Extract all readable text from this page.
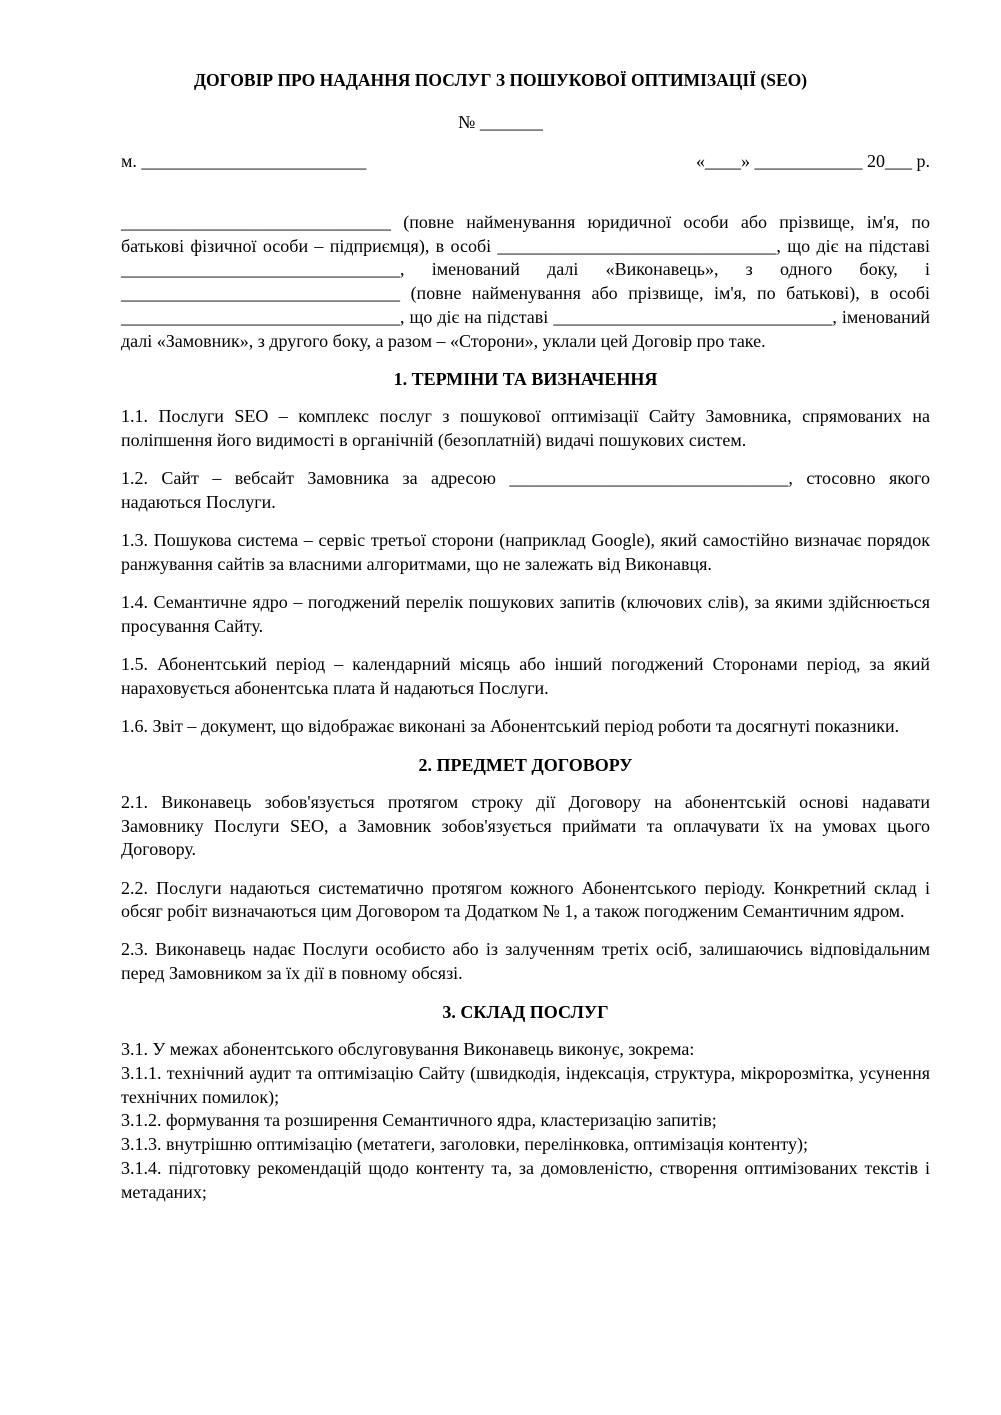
ДОГОВІР ПРО НАДАННЯ ПОСЛУГ З ПОШУКОВОЇ ОПТИМІЗАЦІЇ (SEO)
№ _______
м. _________________________	«____» ____________ 20___ р.

______________________________ (повне найменування юридичної особи або прізвище, ім'я, по батькові фізичної особи – підприємця), в особі _______________________________, що діє на підставі _______________________________, іменований далі «Виконавець», з одного боку, і _______________________________ (повне найменування або прізвище, ім'я, по батькові), в особі _______________________________, що діє на підставі _______________________________, іменований далі «Замовник», з другого боку, а разом – «Сторони», уклали цей Договір про таке.

1. ТЕРМІНИ ТА ВИЗНАЧЕННЯ

1.1. Послуги SEO – комплекс послуг з пошукової оптимізації Сайту Замовника, спрямованих на поліпшення його видимості в органічній (безоплатній) видачі пошукових систем.

1.2. Сайт – вебсайт Замовника за адресою _______________________________, стосовно якого надаються Послуги.

1.3. Пошукова система – сервіс третьої сторони (наприклад Google), який самостійно визначає порядок ранжування сайтів за власними алгоритмами, що не залежать від Виконавця.

1.4. Семантичне ядро – погоджений перелік пошукових запитів (ключових слів), за якими здійснюється просування Сайту.

1.5. Абонентський період – календарний місяць або інший погоджений Сторонами період, за який нараховується абонентська плата й надаються Послуги.

1.6. Звіт – документ, що відображає виконані за Абонентський період роботи та досягнуті показники.

2. ПРЕДМЕТ ДОГОВОРУ

2.1. Виконавець зобов'язується протягом строку дії Договору на абонентській основі надавати Замовнику Послуги SEO, а Замовник зобов'язується приймати та оплачувати їх на умовах цього Договору.

2.2. Послуги надаються систематично протягом кожного Абонентського періоду. Конкретний склад і обсяг робіт визначаються цим Договором та Додатком № 1, а також погодженим Семантичним ядром.

2.3. Виконавець надає Послуги особисто або із залученням третіх осіб, залишаючись відповідальним перед Замовником за їх дії в повному обсязі.

3. СКЛАД ПОСЛУГ

3.1. У межах абонентського обслуговування Виконавець виконує, зокрема:

3.1.1. технічний аудит та оптимізацію Сайту (швидкодія, індексація, структура, мікророзмітка, усунення технічних помилок);

3.1.2. формування та розширення Семантичного ядра, кластеризацію запитів;

3.1.3. внутрішню оптимізацію (метатеги, заголовки, перелінковка, оптимізація контенту);

3.1.4. підготовку рекомендацій щодо контенту та, за домовленістю, створення оптимізованих текстів і метаданих;
